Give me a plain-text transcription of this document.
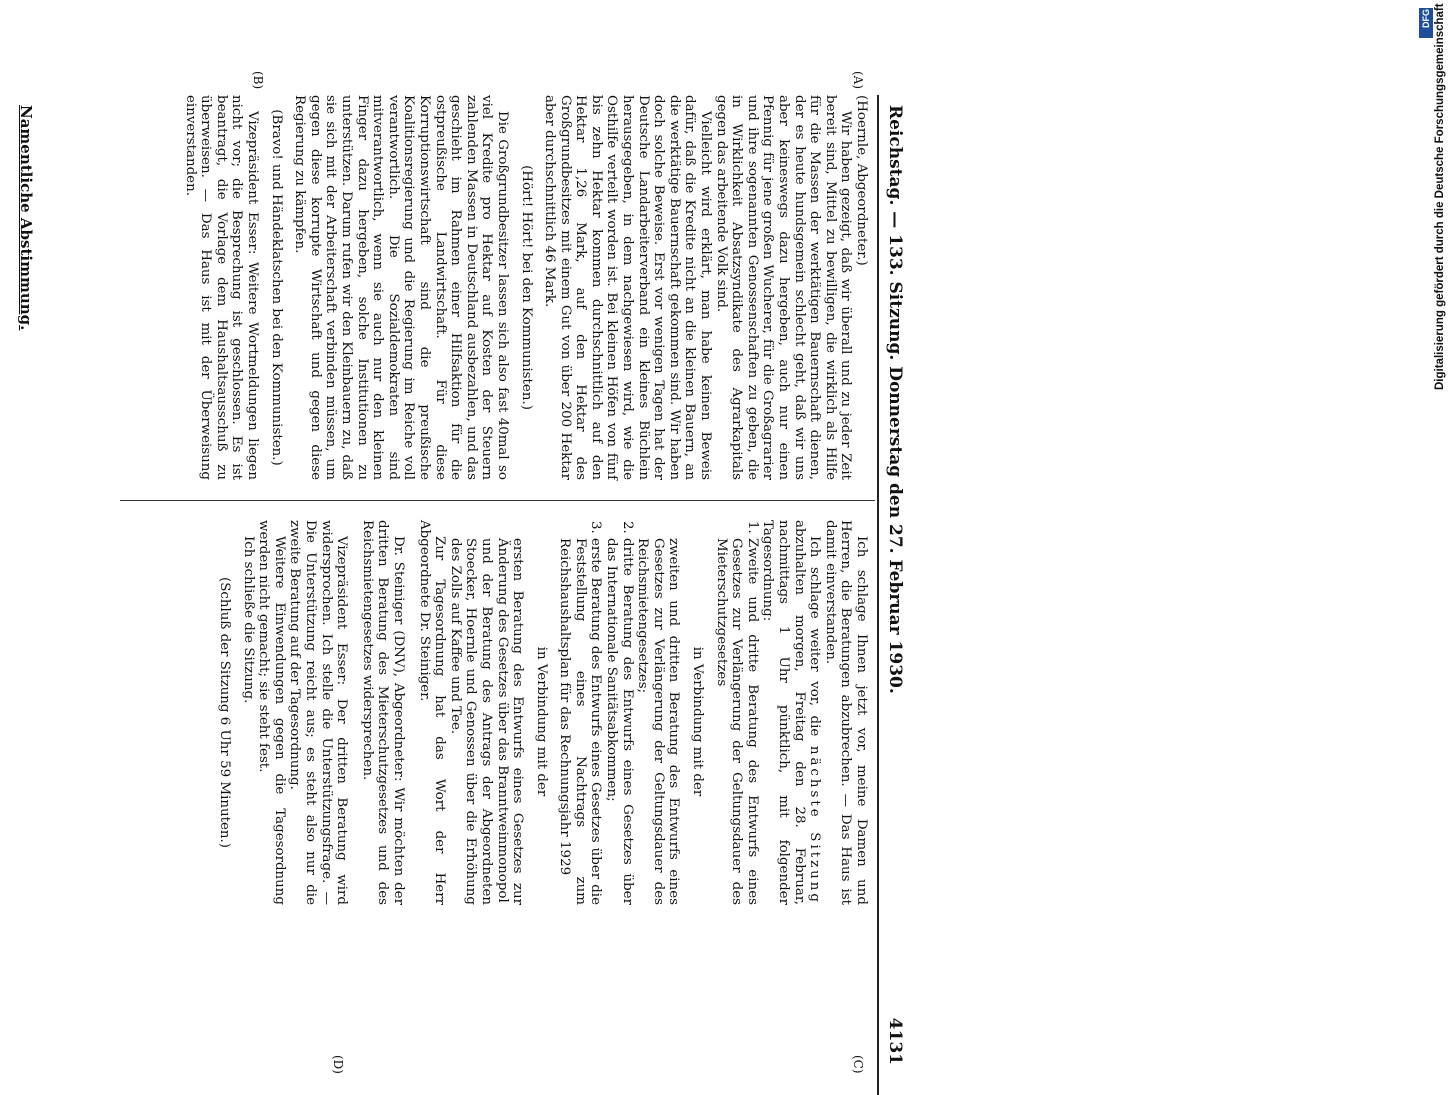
Reichstag. — 133. Sitzung. Donnerstag den 27. Februar 1930.
4131
(A)
(B)
(C)
(D)

(Hoernle, Abgeordneter.)

Wir haben gezeigt, daß wir überall und zu jeder Zeit bereit sind, Mittel zu bewilligen, die wirklich als Hilfe für die Massen der werktätigen Bauernschaft dienen, der es heute hundsgemein schlecht geht, daß wir uns aber keineswegs dazu hergeben, auch nur einen Pfennig für jene großen Wucherer, für die Großagrarier und ihre sogenannten Genossenschaften zu geben, die in Wirklichkeit Absatzsyndikate des Agrarkapitals gegen das arbeitende Volk sind.

Vielleicht wird erklärt, man habe keinen Beweis dafür, daß die Kredite nicht an die kleinen Bauern, an die werktätige Bauernschaft gekommen sind. Wir haben doch solche Beweise. Erst vor wenigen Tagen hat der Deutsche Landarbeiterverband ein kleines Büchlein herausgegeben, in dem nachgewiesen wird, wie die Osthilfe verteilt worden ist. Bei kleinen Höfen von fünf bis zehn Hektar kommen durchschnittlich auf den Hektar 1,26 Mark, auf den Hektar des Großgrundbesitzes mit einem Gut von über 200 Hektar aber durchschnittlich 46 Mark.

(Hört! Hört! bei den Kommunisten.)

Die Großgrundbesitzer lassen sich also fast 40mal so viel Kredite pro Hektar auf Kosten der Steuern zahlenden Massen in Deutschland ausbezahlen, und das geschieht im Rahmen einer Hilfsaktion für die ostpreußische Landwirtschaft. Für diese Korruptionswirtschaft sind die preußische Koalitionsregierung und die Regierung im Reiche voll verantwortlich. Die Sozialdemokraten sind mitverantwortlich, wenn sie auch nur den kleinen Finger dazu hergeben, solche Institutionen zu unterstützen. Darum rufen wir den Kleinbauern zu, daß sie sich mit der Arbeiterschaft verbinden müssen, um gegen diese korrupte Wirtschaft und gegen diese Regierung zu kämpfen.

(Bravo! und Händeklatschen bei den Kommunisten.)

Vizepräsident Esser: Weitere Wortmeldungen liegen nicht vor; die Besprechung ist geschlossen. Es ist beantragt, die Vorlage dem Haushaltsausschuß zu überweisen. — Das Haus ist mit der Überweisung einverstanden.

Ich schlage Ihnen jetzt vor, meine Damen und Herren, die Beratungen abzubrechen. — Das Haus ist damit einverstanden.

Ich schlage weiter vor, die nächste Sitzung abzuhalten morgen, Freitag den 28. Februar, nachmittags 1 Uhr pünktlich, mit folgender Tagesordnung:

1. Zweite und dritte Beratung des Entwurfs eines Gesetzes zur Verlängerung der Geltungsdauer des Mieterschutzgesetzes

in Verbindung mit der

zweiten und dritten Beratung des Entwurfs eines Gesetzes zur Verlängerung der Geltungsdauer des Reichsmietengesetzes;

2. dritte Beratung des Entwurfs eines Gesetzes über das Internationale Sanitätsabkommen;
3. erste Beratung des Entwurfs eines Gesetzes über die Feststellung eines Nachtrags zum Reichshaushaltsplan für das Rechnungsjahr 1929

in Verbindung mit der

ersten Beratung des Entwurfs eines Gesetzes zur Änderung des Gesetzes über das Branntweinmonopol

und der Beratung des Antrags der Abgeordneten Stoecker, Hoernle und Genossen über die Erhöhung des Zolls auf Kaffee und Tee.

Zur Tagesordnung hat das Wort der Herr Abgeordnete Dr. Steiniger.

Dr. Steiniger (DNV), Abgeordneter: Wir möchten der dritten Beratung des Mieterschutzgesetzes und des Reichsmietengesetzes widersprechen.

Vizepräsident Esser: Der dritten Beratung wird widersprochen. Ich stelle die Unterstützungsfrage. — Die Unterstützung reicht aus; es steht also nur die zweite Beratung auf der Tagesordnung.

Weitere Einwendungen gegen die Tagesordnung werden nicht gemacht; sie steht fest.

Ich schließe die Sitzung.

(Schluß der Sitzung 6 Uhr 59 Minuten.)

Namentliche Abstimmung.
DFG Digitalisierung gefördert durch die Deutsche Forschungsgemeinschaft
